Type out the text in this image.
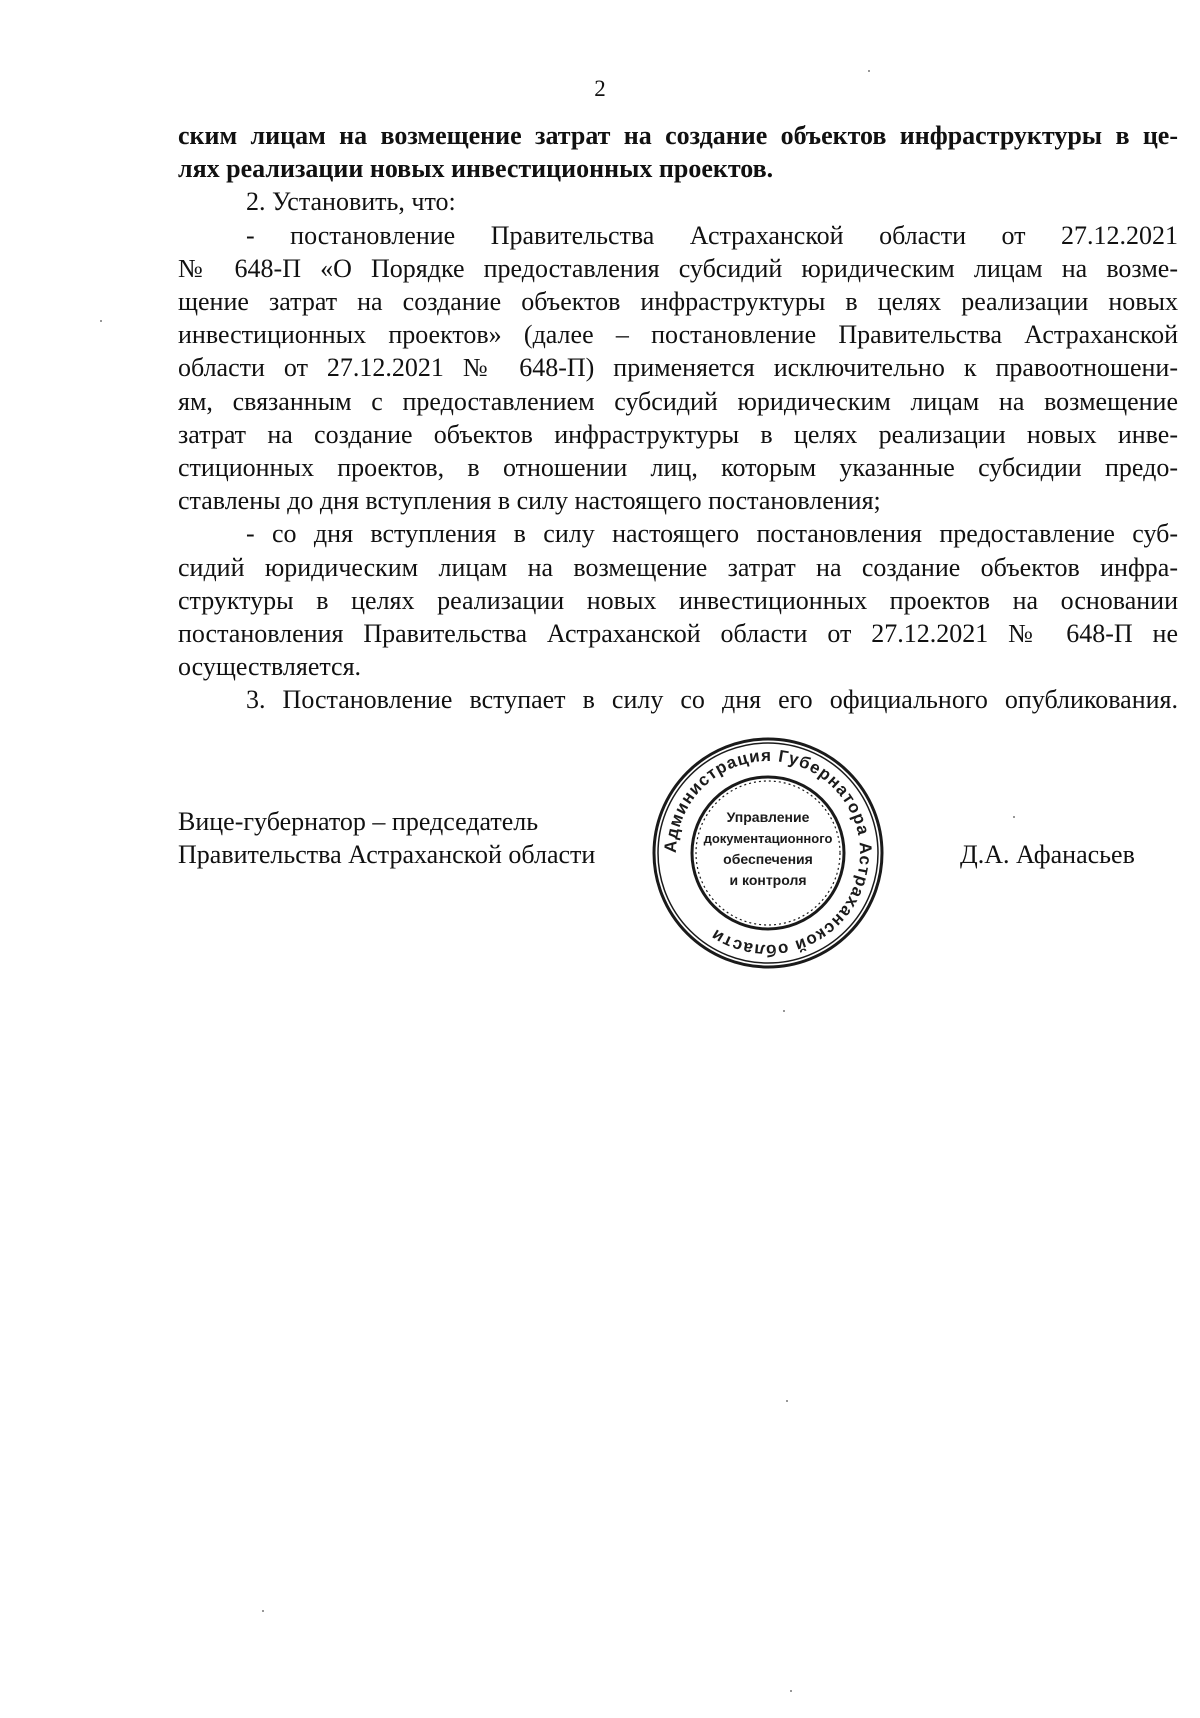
2
ским лицам на возмещение затрат на создание объектов инфраструктуры в це-
лях реализации новых инвестиционных проектов.
2. Установить, что:
- постановление Правительства Астраханской области от 27.12.2021
№ 648-П «О Порядке предоставления субсидий юридическим лицам на возме-
щение затрат на создание объектов инфраструктуры в целях реализации новых
инвестиционных проектов» (далее – постановление Правительства Астраханской
области от 27.12.2021 № 648-П) применяется исключительно к правоотношени-
ям, связанным с предоставлением субсидий юридическим лицам на возмещение
затрат на создание объектов инфраструктуры в целях реализации новых инве-
стиционных проектов, в отношении лиц, которым указанные субсидии предо-
ставлены до дня вступления в силу настоящего постановления;
- со дня вступления в силу настоящего постановления предоставление суб-
сидий юридическим лицам на возмещение затрат на создание объектов инфра-
структуры в целях реализации новых инвестиционных проектов на основании
постановления Правительства Астраханской области от 27.12.2021 № 648-П не
осуществляется.
3. Постановление вступает в силу со дня его официального опубликования.
Вице-губернатор – председатель
Правительства Астраханской области	Администрация Губернатора Астраханской области
Управление
документационного
обеспечения
и контроля
Д.А. Афанасьев
